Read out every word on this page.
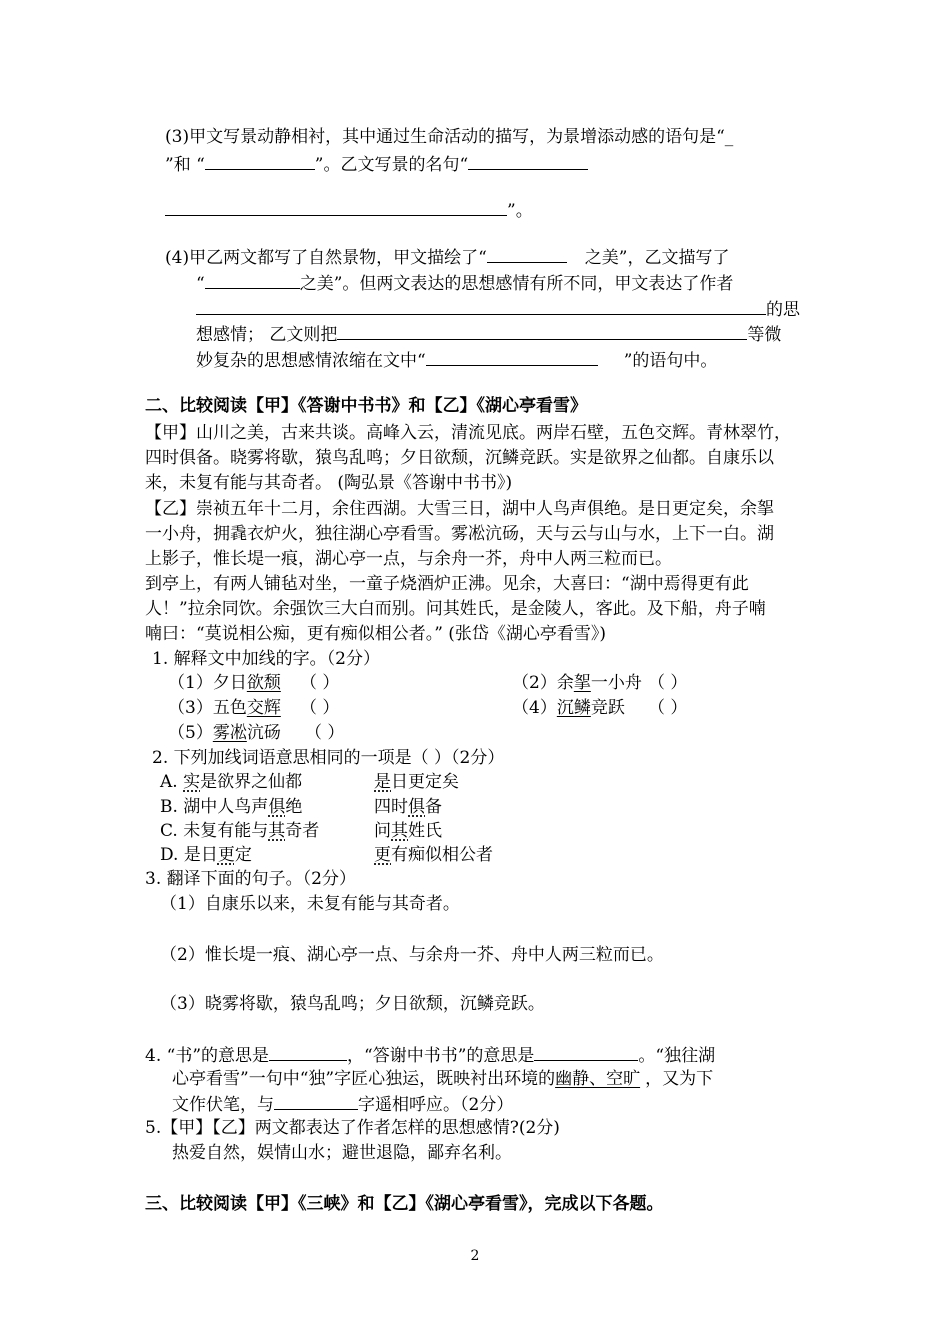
(3)甲文写景动静相衬，其中通过生命活动的描写，为景增添动感的语句是“_
”和 “	”。乙文写景的名句“
”。
(4)甲乙两文都写了自然景物，甲文描绘了“	之美”，乙文描写了
“	之美”。但两文表达的思想感情有所不同，甲文表达了作者
的思
想感情； 乙文则把	等微
妙复杂的思想感情浓缩在文中“	”的语句中。
二、比较阅读【甲】《答谢中书书》和【乙】《湖心亭看雪》
【甲】山川之美，古来共谈。高峰入云，清流见底。两岸石壁，五色交辉。青林翠竹，
四时俱备。晓雾将歇，猿鸟乱鸣；夕日欲颓，沉鳞竞跃。实是欲界之仙都。自康乐以
来，未复有能与其奇者。 (陶弘景《答谢中书书》)
【乙】崇祯五年十二月，余住西湖。大雪三日，湖中人鸟声俱绝。是日更定矣，余挐
一小舟，拥毳衣炉火，独往湖心亭看雪。雾凇沆砀，天与云与山与水，上下一白。湖
上影子，惟长堤一痕，湖心亭一点，与余舟一芥，舟中人两三粒而已。
到亭上，有两人铺毡对坐，一童子烧酒炉正沸。见余，大喜曰：“湖中焉得更有此
人！”拉余同饮。余强饮三大白而别。问其姓氏，是金陵人，客此。及下船，舟子喃
喃曰：“莫说相公痴，更有痴似相公者。” (张岱《湖心亭看雪》)
1. 解释文中加线的字。（2分）
（1）夕日欲颓 （ ）	（2）余挐一小舟 （ ）
（3）五色交辉 （ ）	（4）沉鳞竞跃 （ ）
（5）雾凇沆砀 （ ）
2. 下列加线词语意思相同的一项是（ ）（2分）
A. 实是欲界之仙都	是日更定矣
B. 湖中人鸟声俱绝	四时俱备
C. 未复有能与其奇者	问其姓氏
D. 是日更定	更有痴似相公者
3. 翻译下面的句子。（2分）
（1）自康乐以来，未复有能与其奇者。
（2）惟长堤一痕、湖心亭一点、与余舟一芥、舟中人两三粒而已。
（3）晓雾将歇，猿鸟乱鸣；夕日欲颓，沉鳞竞跃。
4. “书”的意思是	，“答谢中书书”的意思是	。“独往湖
心亭看雪”一句中“独”字匠心独运，既映衬出环境的幽静、空旷 ，又为下
文作伏笔，与	字遥相呼应。（2分）
5.【甲】【乙】两文都表达了作者怎样的思想感情?(2分)
热爱自然，娱情山水；避世退隐，鄙弃名利。
三、比较阅读【甲】《三峡》和【乙】《湖心亭看雪》，完成以下各题。
2
